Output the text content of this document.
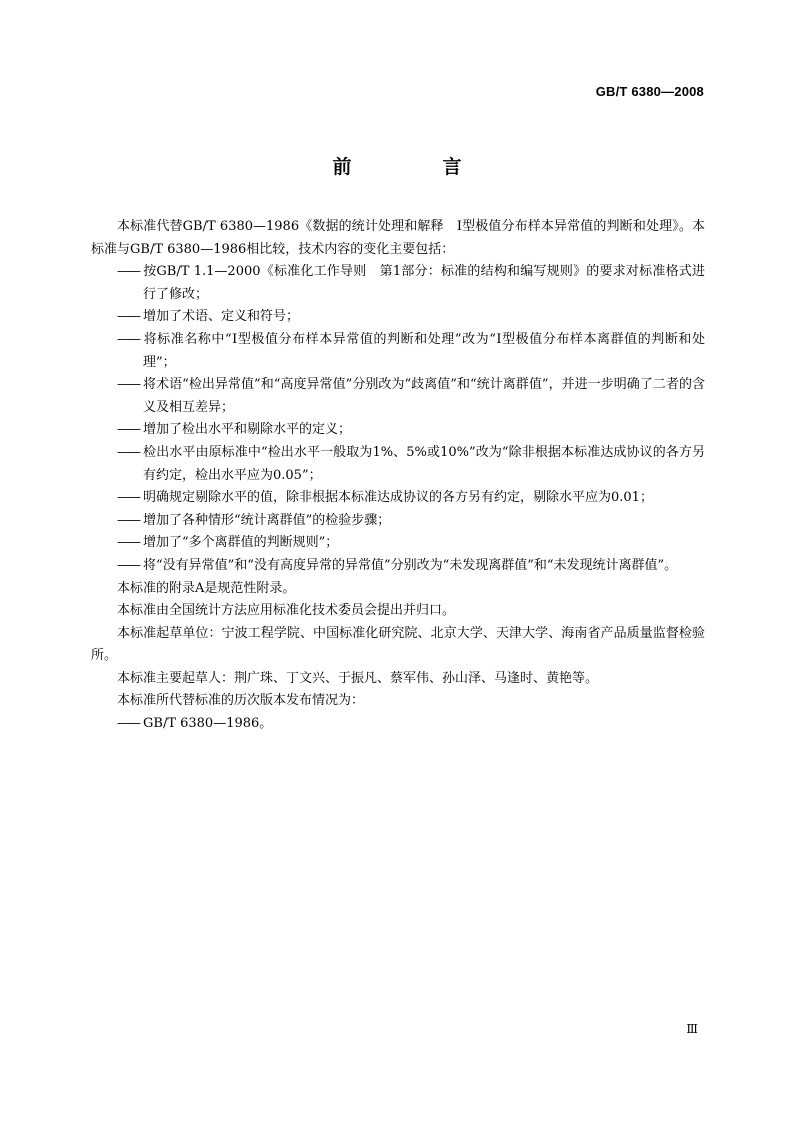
GB/T 6380—2008
前　言

本标准代替GB/T 6380—1986《数据的统计处理和解释　Ⅰ型极值分布样本异常值的判断和处理》。本标准与GB/T 6380—1986相比较，技术内容的变化主要包括：

——按GB/T 1.1—2000《标准化工作导则　第1部分：标准的结构和编写规则》的要求对标准格式进行了修改；

——增加了术语、定义和符号；

——将标准名称中“Ⅰ型极值分布样本异常值的判断和处理”改为“Ⅰ型极值分布样本离群值的判断和处理”；

——将术语“检出异常值”和“高度异常值”分别改为“歧离值”和“统计离群值”，并进一步明确了二者的含义及相互差异；

——增加了检出水平和剔除水平的定义；

——检出水平由原标准中“检出水平一般取为1%、5%或10%”改为“除非根据本标准达成协议的各方另有约定，检出水平应为0.05”；

——明确规定剔除水平的值，除非根据本标准达成协议的各方另有约定，剔除水平应为0.01；

——增加了各种情形“统计离群值”的检验步骤；

——增加了“多个离群值的判断规则”；

——将“没有异常值”和“没有高度异常的异常值”分别改为“未发现离群值”和“未发现统计离群值”。

本标准的附录A是规范性附录。

本标准由全国统计方法应用标准化技术委员会提出并归口。

本标准起草单位：宁波工程学院、中国标准化研究院、北京大学、天津大学、海南省产品质量监督检验所。

本标准主要起草人：荆广珠、丁文兴、于振凡、蔡军伟、孙山泽、马逢时、黄艳等。

本标准所代替标准的历次版本发布情况为：

——GB/T 6380—1986。

Ⅲ
